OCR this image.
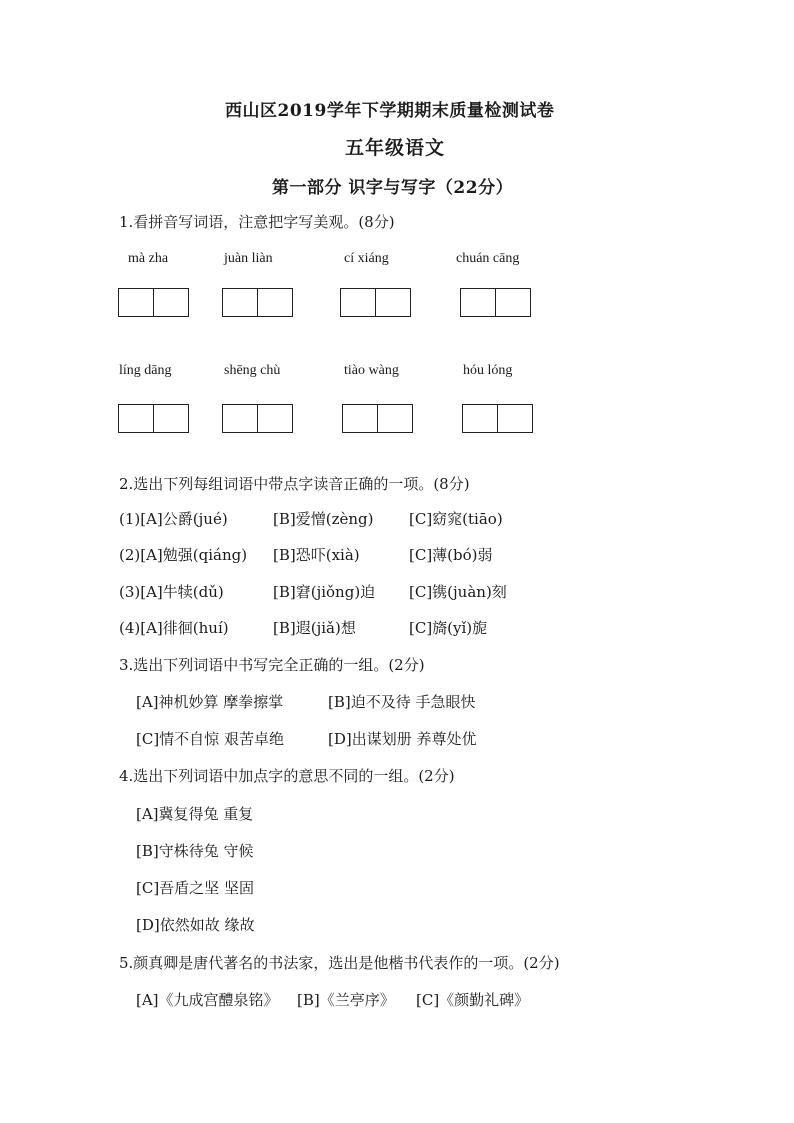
西山区2019学年下学期期末质量检测试卷
五年级语文
第一部分 识字与写字（22分）
1.看拼音写词语，注意把字写美观。(8分)
mà zha	juàn liàn	cí xiáng	chuán cāng
líng dāng	shēng chù	tiào wàng	hóu lóng
2.选出下列每组词语中带点字读音正确的一项。(8分)
(1)[A]公爵(jué)	[B]爱憎(zèng) [C]窈窕(tiāo)
(2)[A]勉强(qiáng) [B]恐吓(xià)	[C]薄(bó)弱
(3)[A]牛犊(dǔ)	[B]窘(jiǒng)迫 [C]镌(juàn)刻
(4)[A]徘徊(huí)	[B]遐(jiǎ)想	[C]旖(yǐ)旎
3.选出下列词语中书写完全正确的一组。(2分)
[A]神机妙算 摩拳擦掌	[B]迫不及待 手急眼快
[C]情不自惊 艰苦卓绝	[D]出谋划册 养尊处优
4.选出下列词语中加点字的意思不同的一组。(2分)
[A]冀复得兔 重复
[B]守株待兔 守候
[C]吾盾之坚 坚固
[D]依然如故 缘故
5.颜真卿是唐代著名的书法家，选出是他楷书代表作的一项。(2分)
[A]《九成宫醴泉铭》 [B]《兰亭序》 [C]《颜勤礼碑》
